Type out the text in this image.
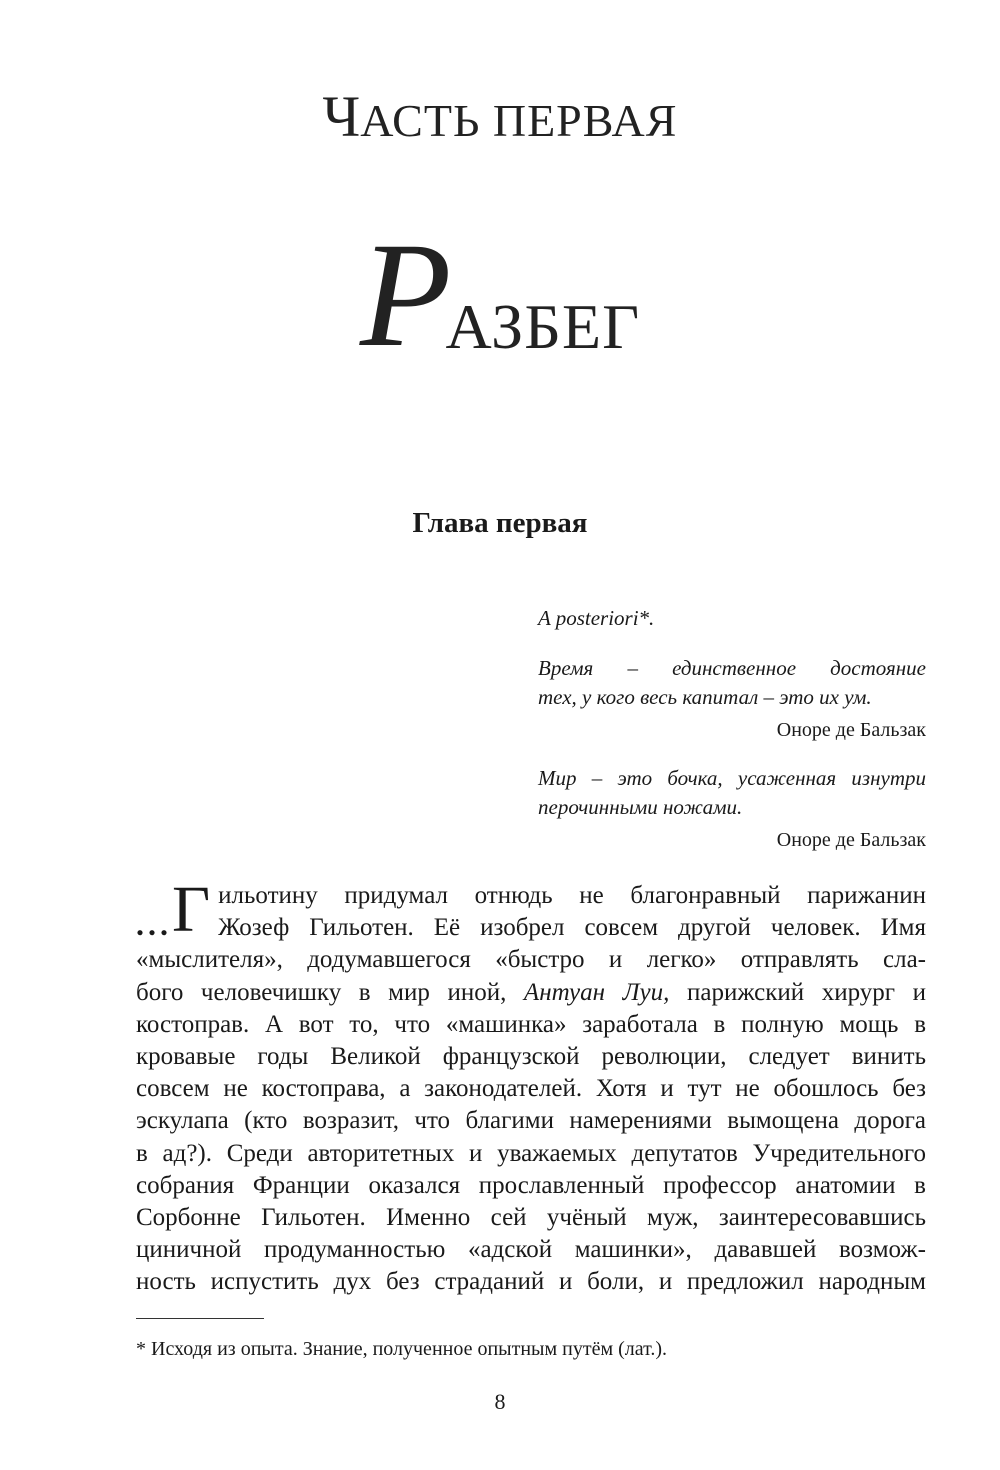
ЧАСТЬ ПЕРВАЯ
РАЗБЕГ
Глава первая

A posteriori*.

Время – единственное достояние

тех, у кого весь капитал – это их ум.

Оноре де Бальзак

Мир – это бочка, усаженная изнутри

перочинными ножами.

Оноре де Бальзак

...Г ильотину придумал отнюдь не благонравный парижанин
Жозеф Гильотен. Её изобрел совсем другой человек. Имя
«мыслителя», додумавшегося «быстро и легко» отправлять сла-
бого человечишку в мир иной, Антуан Луи, парижский хирург и
костоправ. А вот то, что «машинка» заработала в полную мощь в
кровавые годы Великой французской революции, следует винить
совсем не костоправа, а законодателей. Хотя и тут не обошлось без
эскулапа (кто возразит, что благими намерениями вымощена дорога
в ад?). Среди авторитетных и уважаемых депутатов Учредительного
собрания Франции оказался прославленный профессор анатомии в
Сорбонне Гильотен. Именно сей учёный муж, заинтересовавшись
циничной продуманностью «адской машинки», дававшей возмож-
ность испустить дух без страданий и боли, и предложил народным
* Исходя из опыта. Знание, полученное опытным путём (лат.).
8
